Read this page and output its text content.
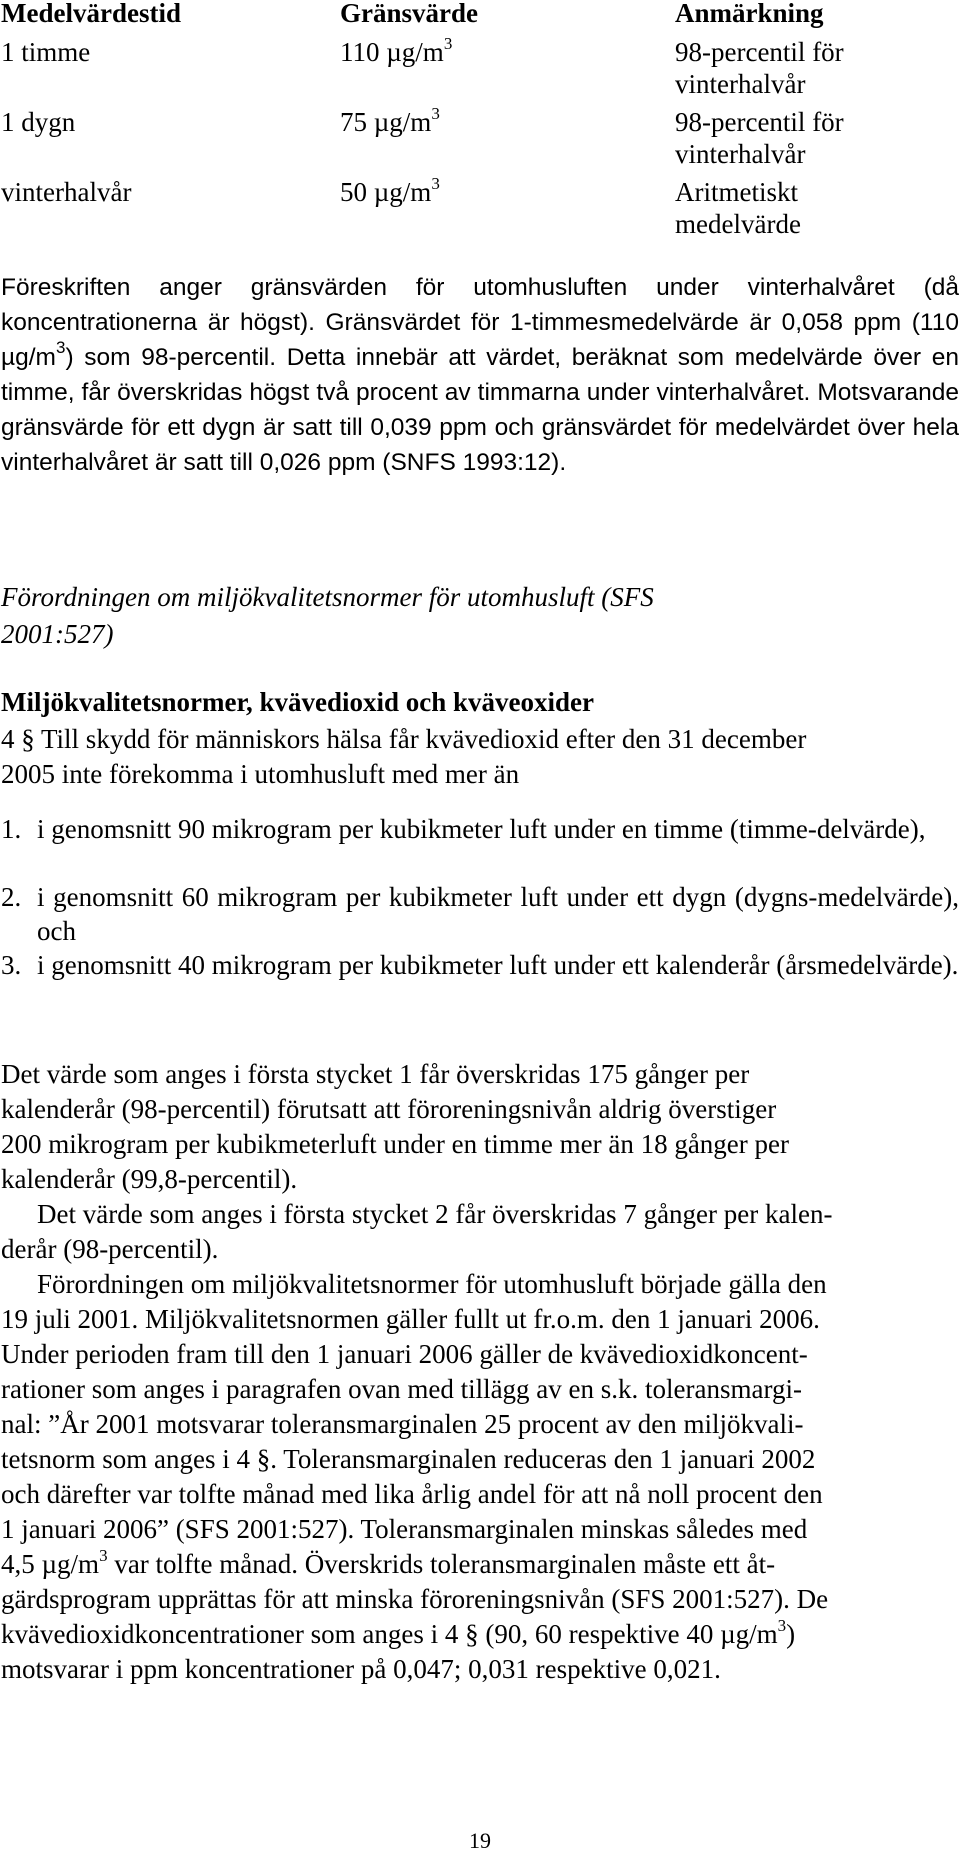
Medelvärdestid	Gränsvärde	Anmärkning
1 timme	110 $\mu g/m^3$	98-percentil för
vinterhalvår
1 dygn	75 $\mu g/m^3$	98-percentil för
vinterhalvår
vinterhalvår	50 $\mu g/m^3$	Aritmetiskt
medelvärde
Föreskriften anger gränsvärden för utomhusluften under vinterhalvåret (då koncentrationerna är högst). Gränsvärdet för 1-timmesmedelvärde är 0,058 ppm (110 $\mu g/m^3$) som 98-percentil. Detta innebär att värdet, beräknat som medelvärde över en timme, får överskridas högst två procent av timmarna under vinterhalvåret. Motsvarande gränsvärde för ett dygn är satt till 0,039 ppm och gränsvärdet för medelvärdet över hela vinterhalvåret är satt till 0,026 ppm (SNFS 1993:12).
Förordningen om miljökvalitetsnormer för utomhusluft (SFS
2001:527)
Miljökvalitetsnormer, kvävedioxid och kväveoxider
4 § Till skydd för människors hälsa får kvävedioxid efter den 31 december
2005 inte förekomma i utomhusluft med mer än
1. i genomsnitt 90 mikrogram per kubikmeter luft under en timme (timme-delvärde),
2. i genomsnitt 60 mikrogram per kubikmeter luft under ett dygn (dygns-medelvärde), och
3. i genomsnitt 40 mikrogram per kubikmeter luft under ett kalenderår (årsmedelvärde).
Det värde som anges i första stycket 1 får överskridas 175 gånger per
kalenderår (98-percentil) förutsatt att föroreningsnivån aldrig överstiger
200 mikrogram per kubikmeterluft under en timme mer än 18 gånger per
kalenderår (99,8-percentil).
Det värde som anges i första stycket 2 får överskridas 7 gånger per kalen-
derår (98-percentil).
Förordningen om miljökvalitetsnormer för utomhusluft började gälla den
19 juli 2001. Miljökvalitetsnormen gäller fullt ut fr.o.m. den 1 januari 2006.
Under perioden fram till den 1 januari 2006 gäller de kvävedioxidkoncent-
rationer som anges i paragrafen ovan med tillägg av en s.k. toleransmargi-
nal: ”År 2001 motsvarar toleransmarginalen 25 procent av den miljökvali-
tetsnorm som anges i 4 §. Toleransmarginalen reduceras den 1 januari 2002
och därefter var tolfte månad med lika årlig andel för att nå noll procent den
1 januari 2006” (SFS 2001:527). Toleransmarginalen minskas således med
4,5 $\mu g/m^3$ var tolfte månad. Överskrids toleransmarginalen måste ett åt-
gärdsprogram upprättas för att minska föroreningsnivån (SFS 2001:527). De
kvävedioxidkoncentrationer som anges i 4 § (90, 60 respektive 40 $\mu g/m^3$)
motsvarar i ppm koncentrationer på 0,047; 0,031 respektive 0,021.
19
